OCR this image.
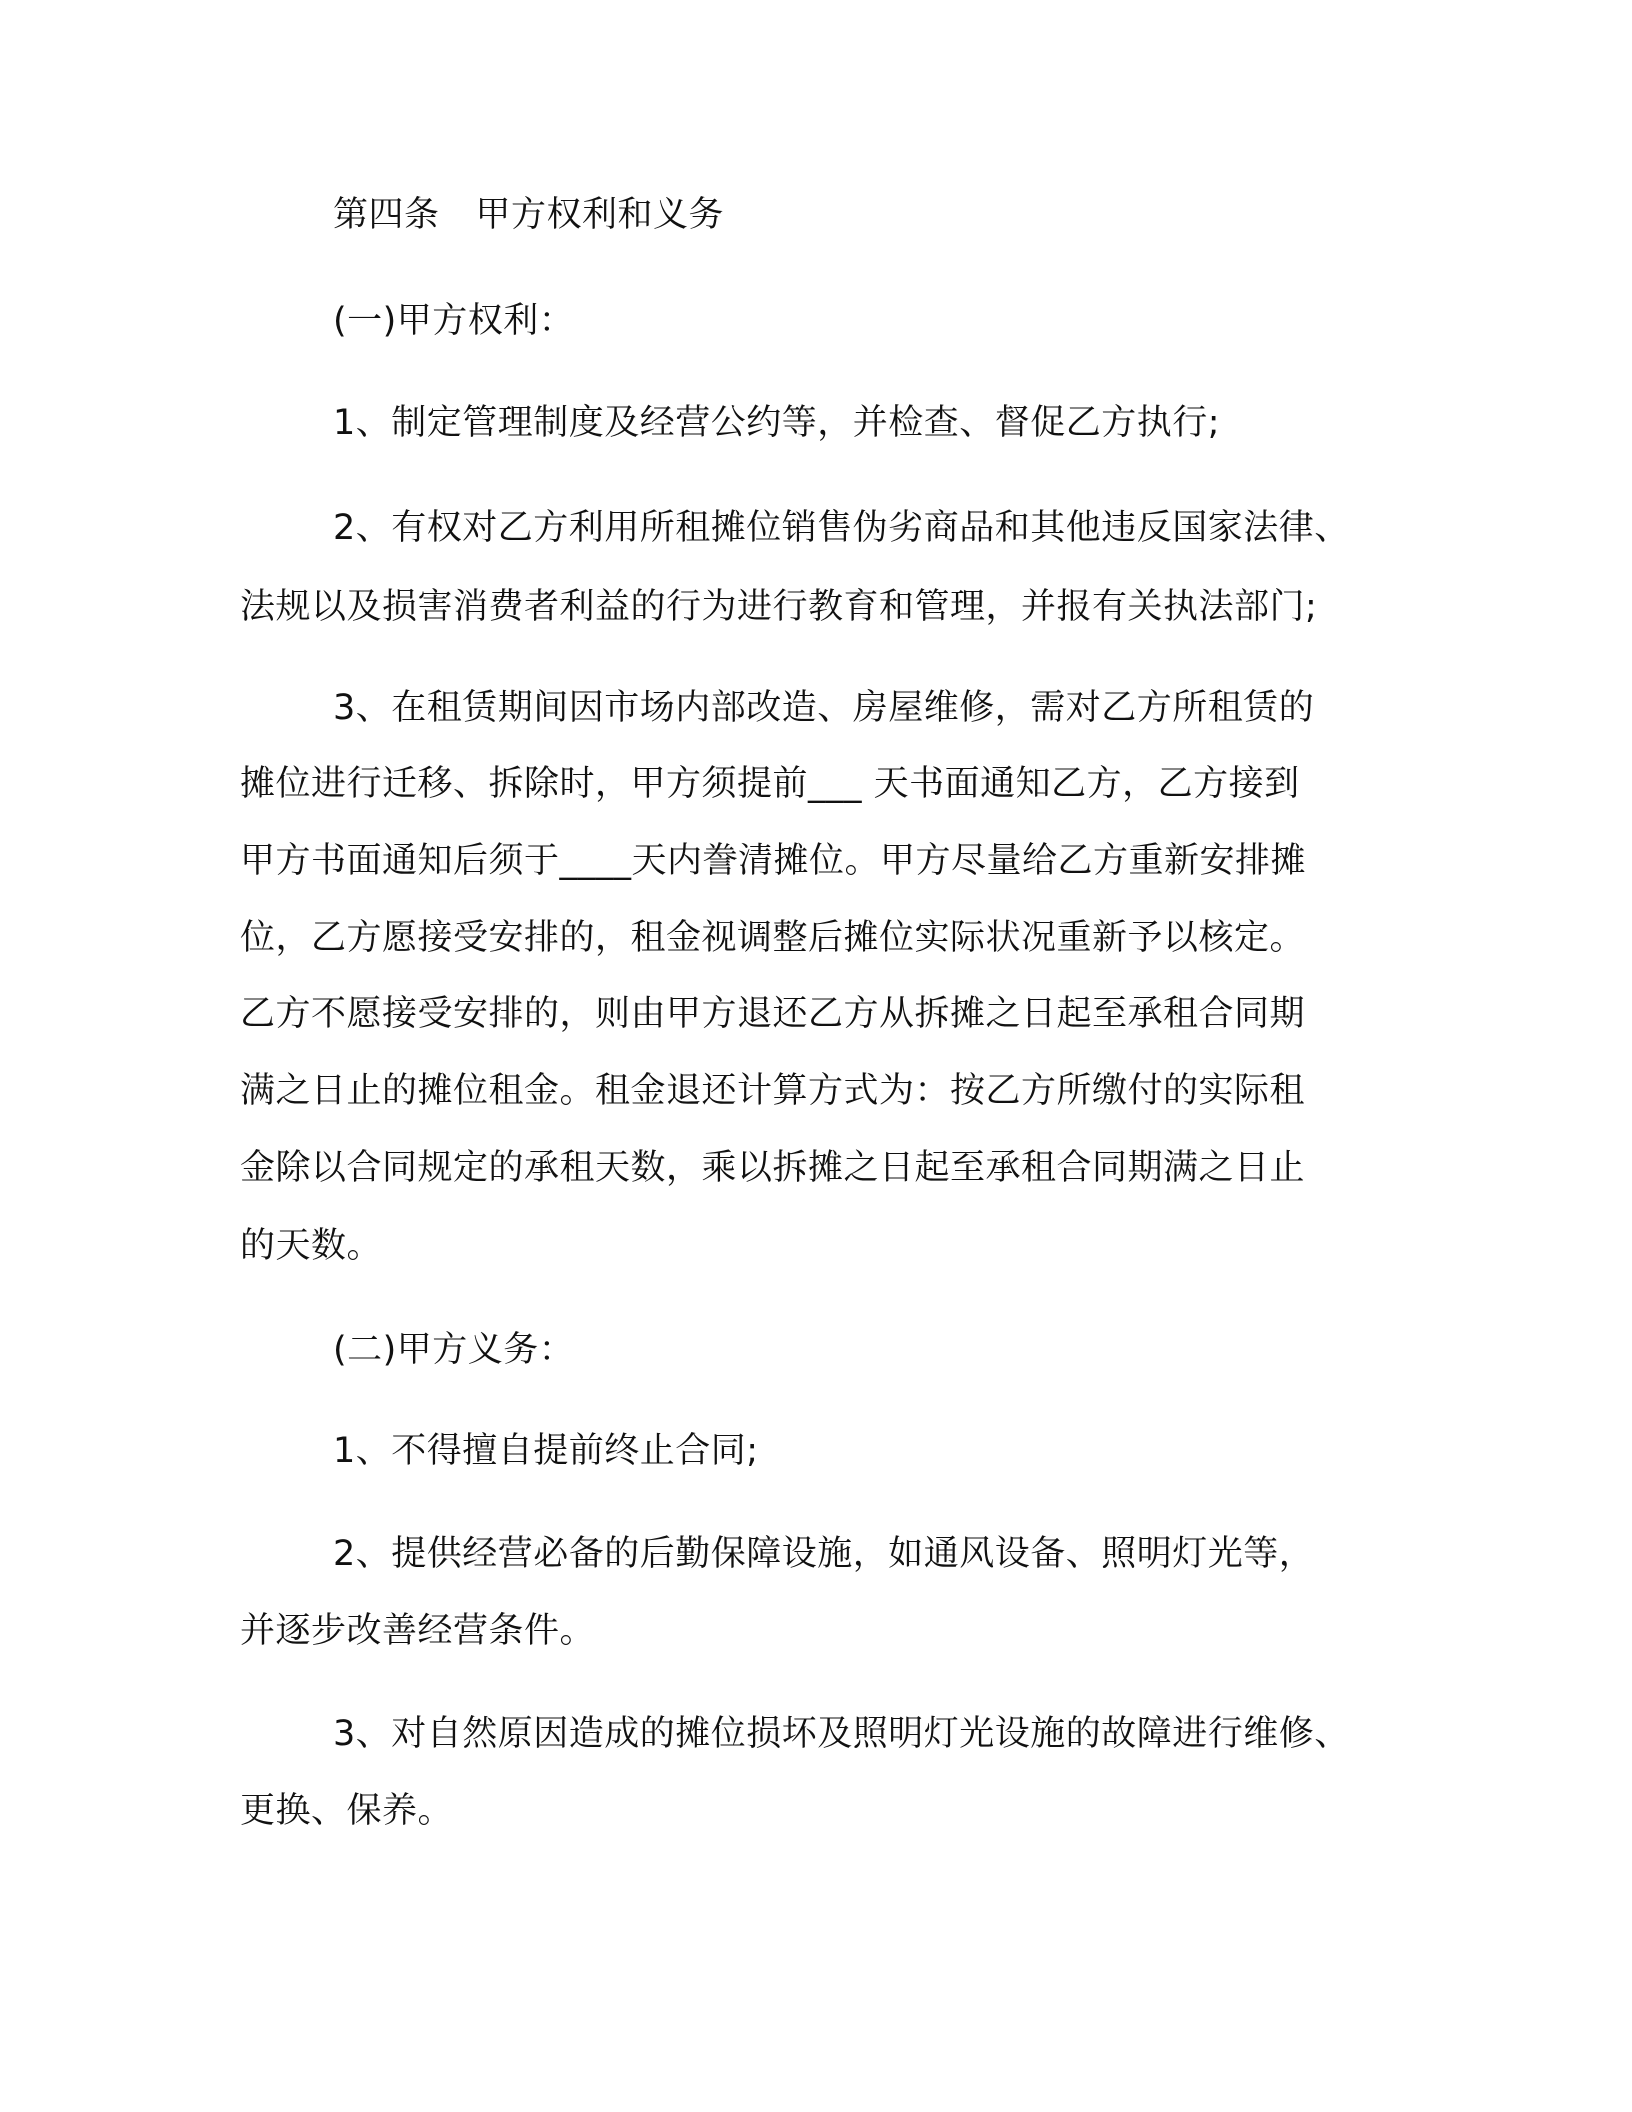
第四条 甲方权利和义务
(一)甲方权利：
1、制定管理制度及经营公约等，并检查、督促乙方执行;
2、有权对乙方利用所租摊位销售伪劣商品和其他违反国家法律、
法规以及损害消费者利益的行为进行教育和管理，并报有关执法部门;
3、在租赁期间因市场内部改造、房屋维修，需对乙方所租赁的
摊位进行迁移、拆除时，甲方须提前___ 天书面通知乙方，乙方接到
甲方书面通知后须于____天内誊清摊位。甲方尽量给乙方重新安排摊
位，乙方愿接受安排的，租金视调整后摊位实际状况重新予以核定。
乙方不愿接受安排的，则由甲方退还乙方从拆摊之日起至承租合同期
满之日止的摊位租金。租金退还计算方式为：按乙方所缴付的实际租
金除以合同规定的承租天数，乘以拆摊之日起至承租合同期满之日止
的天数。
(二)甲方义务：
1、不得擅自提前终止合同;
2、提供经营必备的后勤保障设施，如通风设备、照明灯光等，
并逐步改善经营条件。
3、对自然原因造成的摊位损坏及照明灯光设施的故障进行维修、
更换、保养。
